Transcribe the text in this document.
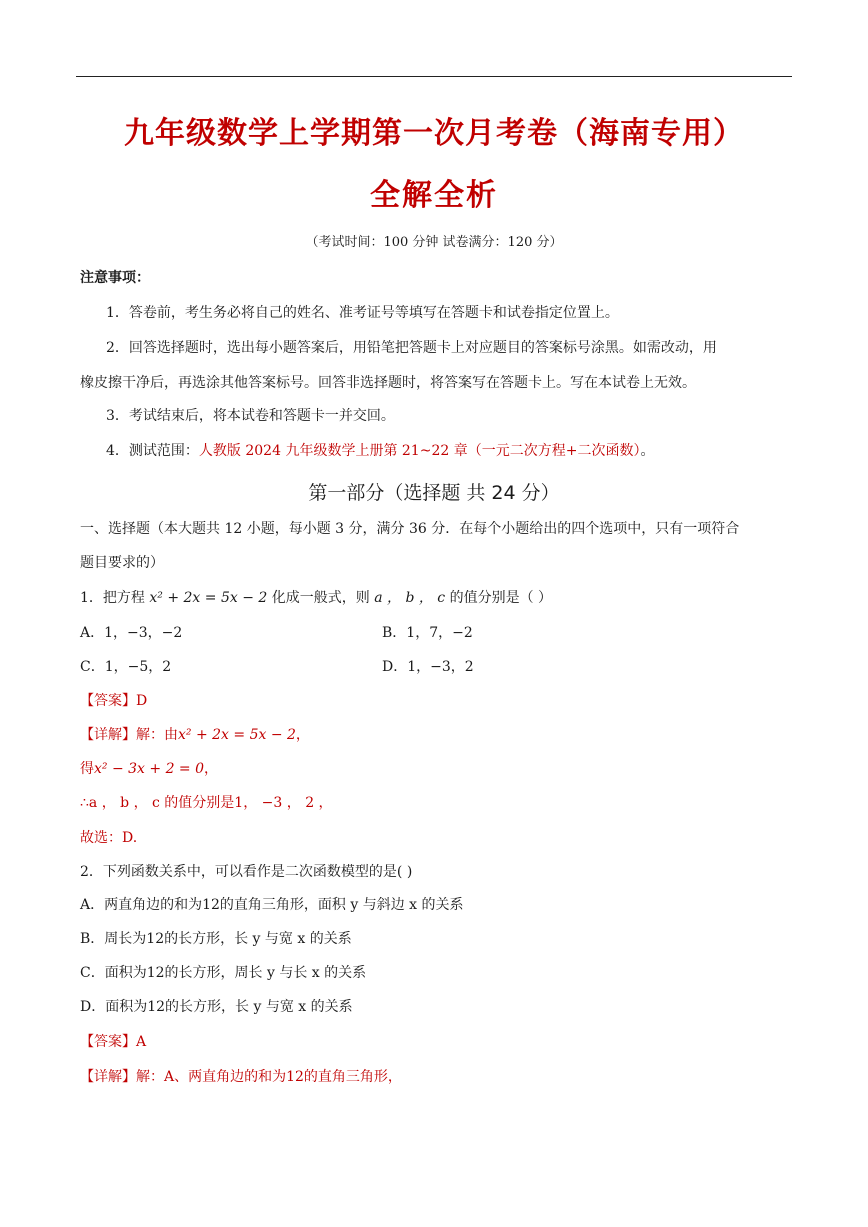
九年级数学上学期第一次月考卷（海南专用）
全解全析
（考试时间：100 分钟 试卷满分：120 分）
注意事项：
1．答卷前，考生务必将自己的姓名、准考证号等填写在答题卡和试卷指定位置上。
2．回答选择题时，选出每小题答案后，用铅笔把答题卡上对应题目的答案标号涂黑。如需改动，用
橡皮擦干净后，再选涂其他答案标号。回答非选择题时，将答案写在答题卡上。写在本试卷上无效。
3．考试结束后，将本试卷和答题卡一并交回。
4．测试范围：人教版 2024 九年级数学上册第 21~22 章（一元二次方程+二次函数）。
第一部分（选择题 共 24 分）
一、选择题（本大题共 12 小题，每小题 3 分，满分 36 分．在每个小题给出的四个选项中，只有一项符合
题目要求的）
1．把方程 x² + 2x = 5x − 2 化成一般式，则 a ， b ， c 的值分别是（ ）
A．1，−3，−2	B．1，7，−2
C．1，−5，2	D．1，−3，2
【答案】D
【详解】解：由x² + 2x = 5x − 2，
得x² − 3x + 2 = 0，
∴a ， b ， c 的值分别是1， −3 ， 2 ，
故选：D.
2．下列函数关系中，可以看作是二次函数模型的是( )
A．两直角边的和为12的直角三角形，面积 y 与斜边 x 的关系
B．周长为12的长方形，长 y 与宽 x 的关系
C．面积为12的长方形，周长 y 与长 x 的关系
D．面积为12的长方形，长 y 与宽 x 的关系
【答案】A
【详解】解：A、两直角边的和为12的直角三角形，
